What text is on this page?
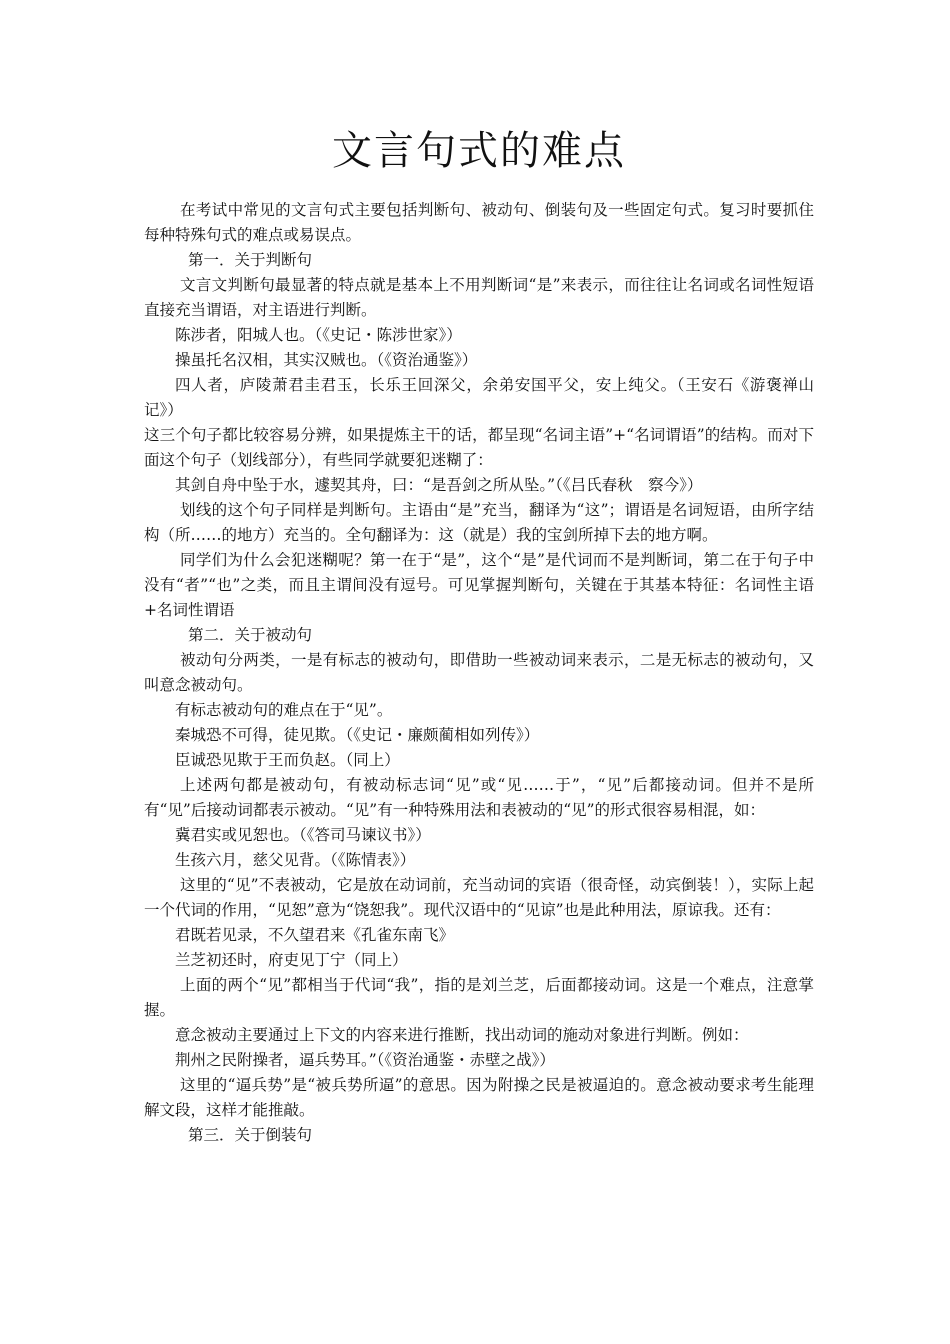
文言句式的难点

在考试中常见的文言句式主要包括判断句、被动句、倒装句及一些固定句式。复习时要抓住每种特殊句式的难点或易误点。

第一．关于判断句

文言文判断句最显著的特点就是基本上不用判断词“是”来表示，而往往让名词或名词性短语直接充当谓语，对主语进行判断。

陈涉者，阳城人也。（《史记・陈涉世家》）

操虽托名汉相，其实汉贼也。（《资治通鉴》）

四人者，庐陵萧君圭君玉，长乐王回深父，余弟安国平父，安上纯父。（王安石《游褒禅山记》）

这三个句子都比较容易分辨，如果提炼主干的话，都呈现“名词主语”+“名词谓语”的结构。而对下面这个句子（划线部分），有些同学就要犯迷糊了：

其剑自舟中坠于水，遽契其舟，曰：“是吾剑之所从坠。”（《吕氏春秋　察今》）

划线的这个句子同样是判断句。主语由“是”充当，翻译为“这”；谓语是名词短语，由所字结构（所……的地方）充当的。全句翻译为：这（就是）我的宝剑所掉下去的地方啊。

同学们为什么会犯迷糊呢？第一在于“是”，这个“是”是代词而不是判断词，第二在于句子中没有“者”“也”之类，而且主谓间没有逗号。可见掌握判断句，关键在于其基本特征：名词性主语+名词性谓语

第二．关于被动句

被动句分两类，一是有标志的被动句，即借助一些被动词来表示，二是无标志的被动句，又叫意念被动句。

有标志被动句的难点在于“见”。

秦城恐不可得，徒见欺。（《史记・廉颇蔺相如列传》）

臣诚恐见欺于王而负赵。（同上）

上述两句都是被动句，有被动标志词“见”或“见……于”，“见”后都接动词。但并不是所有“见”后接动词都表示被动。“见”有一种特殊用法和表被动的“见”的形式很容易相混，如：

冀君实或见恕也。（《答司马谏议书》）

生孩六月，慈父见背。（《陈情表》）

这里的“见”不表被动，它是放在动词前，充当动词的宾语（很奇怪，动宾倒装！），实际上起一个代词的作用，“见恕”意为“饶恕我”。现代汉语中的“见谅”也是此种用法，原谅我。还有：

君既若见录，不久望君来《孔雀东南飞》

兰芝初还时，府吏见丁宁（同上）

上面的两个“见”都相当于代词“我”，指的是刘兰芝，后面都接动词。这是一个难点，注意掌握。

意念被动主要通过上下文的内容来进行推断，找出动词的施动对象进行判断。例如：

荆州之民附操者，逼兵势耳。”（《资治通鉴・赤壁之战》）

这里的“逼兵势”是“被兵势所逼”的意思。因为附操之民是被逼迫的。意念被动要求考生能理解文段，这样才能推敲。

第三．关于倒装句
